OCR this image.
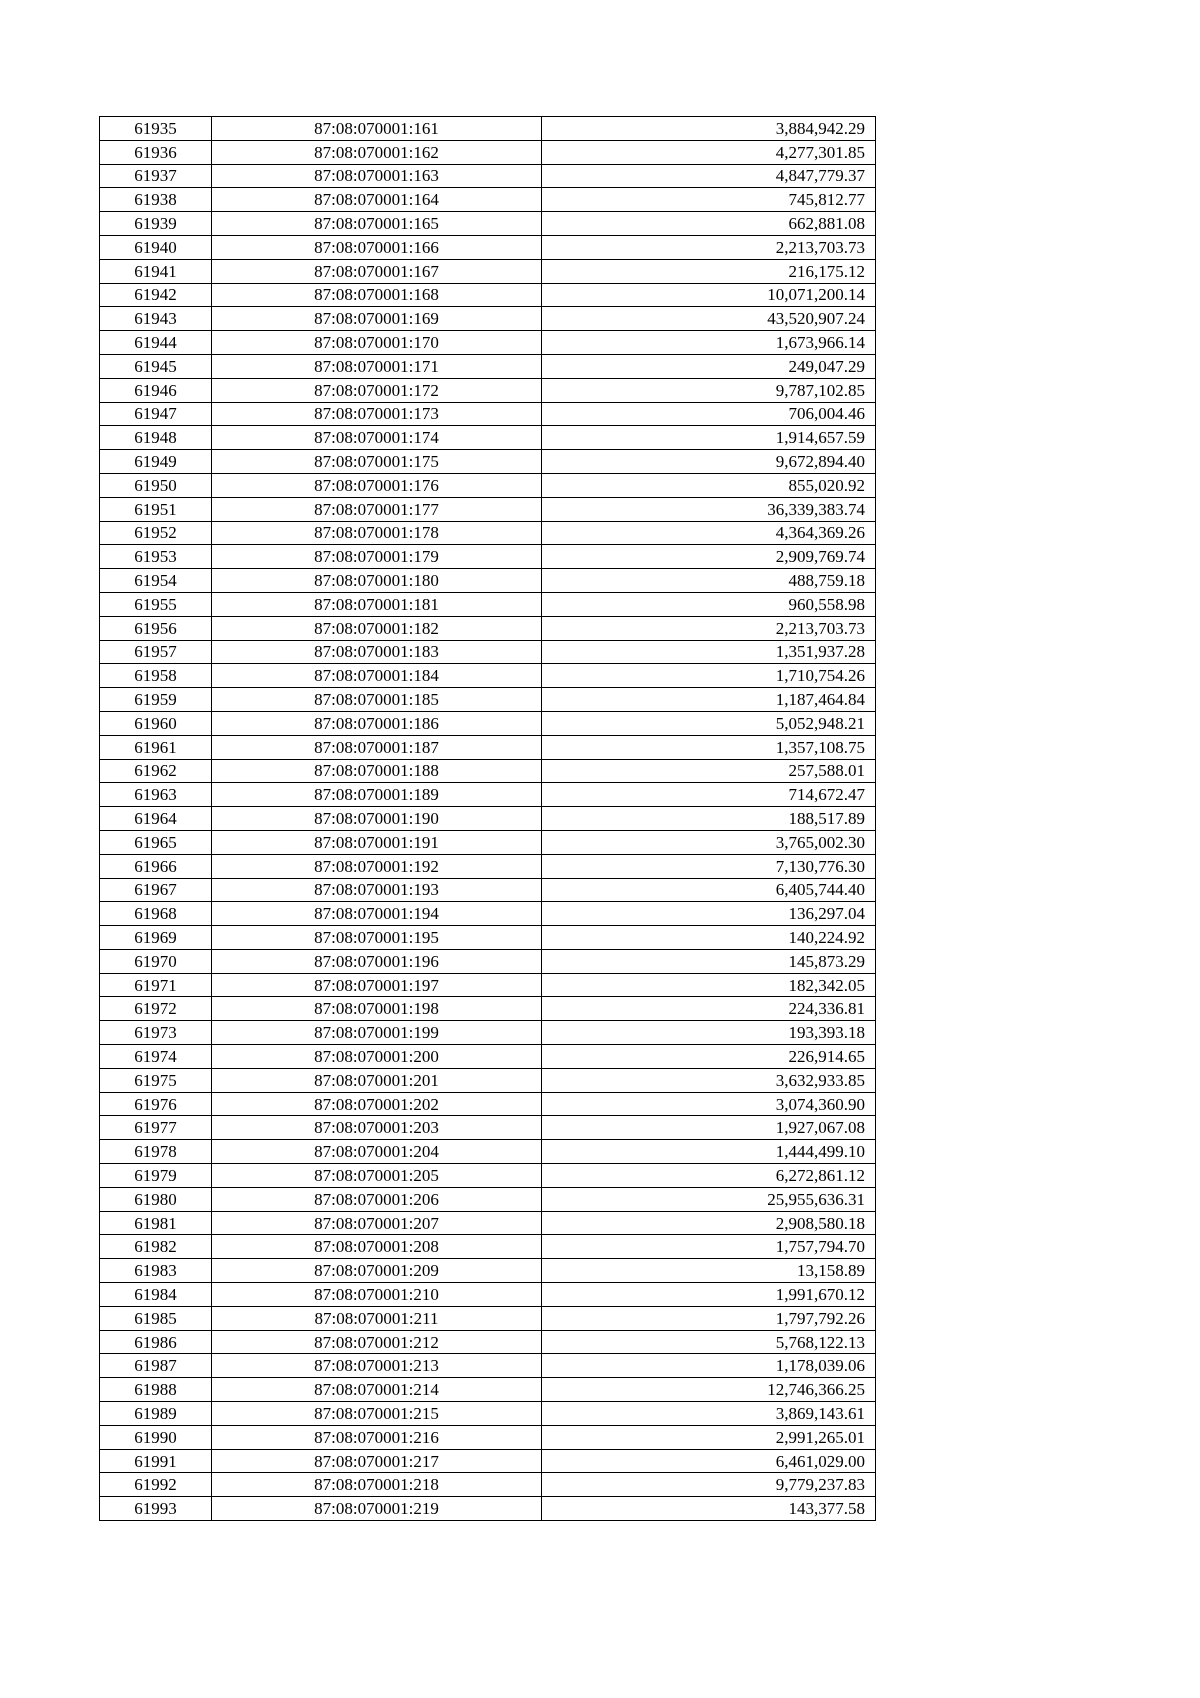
61935	87:08:070001:161	3,884,942.29
61936	87:08:070001:162	4,277,301.85
61937	87:08:070001:163	4,847,779.37
61938	87:08:070001:164	745,812.77
61939	87:08:070001:165	662,881.08
61940	87:08:070001:166	2,213,703.73
61941	87:08:070001:167	216,175.12
61942	87:08:070001:168	10,071,200.14
61943	87:08:070001:169	43,520,907.24
61944	87:08:070001:170	1,673,966.14
61945	87:08:070001:171	249,047.29
61946	87:08:070001:172	9,787,102.85
61947	87:08:070001:173	706,004.46
61948	87:08:070001:174	1,914,657.59
61949	87:08:070001:175	9,672,894.40
61950	87:08:070001:176	855,020.92
61951	87:08:070001:177	36,339,383.74
61952	87:08:070001:178	4,364,369.26
61953	87:08:070001:179	2,909,769.74
61954	87:08:070001:180	488,759.18
61955	87:08:070001:181	960,558.98
61956	87:08:070001:182	2,213,703.73
61957	87:08:070001:183	1,351,937.28
61958	87:08:070001:184	1,710,754.26
61959	87:08:070001:185	1,187,464.84
61960	87:08:070001:186	5,052,948.21
61961	87:08:070001:187	1,357,108.75
61962	87:08:070001:188	257,588.01
61963	87:08:070001:189	714,672.47
61964	87:08:070001:190	188,517.89
61965	87:08:070001:191	3,765,002.30
61966	87:08:070001:192	7,130,776.30
61967	87:08:070001:193	6,405,744.40
61968	87:08:070001:194	136,297.04
61969	87:08:070001:195	140,224.92
61970	87:08:070001:196	145,873.29
61971	87:08:070001:197	182,342.05
61972	87:08:070001:198	224,336.81
61973	87:08:070001:199	193,393.18
61974	87:08:070001:200	226,914.65
61975	87:08:070001:201	3,632,933.85
61976	87:08:070001:202	3,074,360.90
61977	87:08:070001:203	1,927,067.08
61978	87:08:070001:204	1,444,499.10
61979	87:08:070001:205	6,272,861.12
61980	87:08:070001:206	25,955,636.31
61981	87:08:070001:207	2,908,580.18
61982	87:08:070001:208	1,757,794.70
61983	87:08:070001:209	13,158.89
61984	87:08:070001:210	1,991,670.12
61985	87:08:070001:211	1,797,792.26
61986	87:08:070001:212	5,768,122.13
61987	87:08:070001:213	1,178,039.06
61988	87:08:070001:214	12,746,366.25
61989	87:08:070001:215	3,869,143.61
61990	87:08:070001:216	2,991,265.01
61991	87:08:070001:217	6,461,029.00
61992	87:08:070001:218	9,779,237.83
61993	87:08:070001:219	143,377.58
